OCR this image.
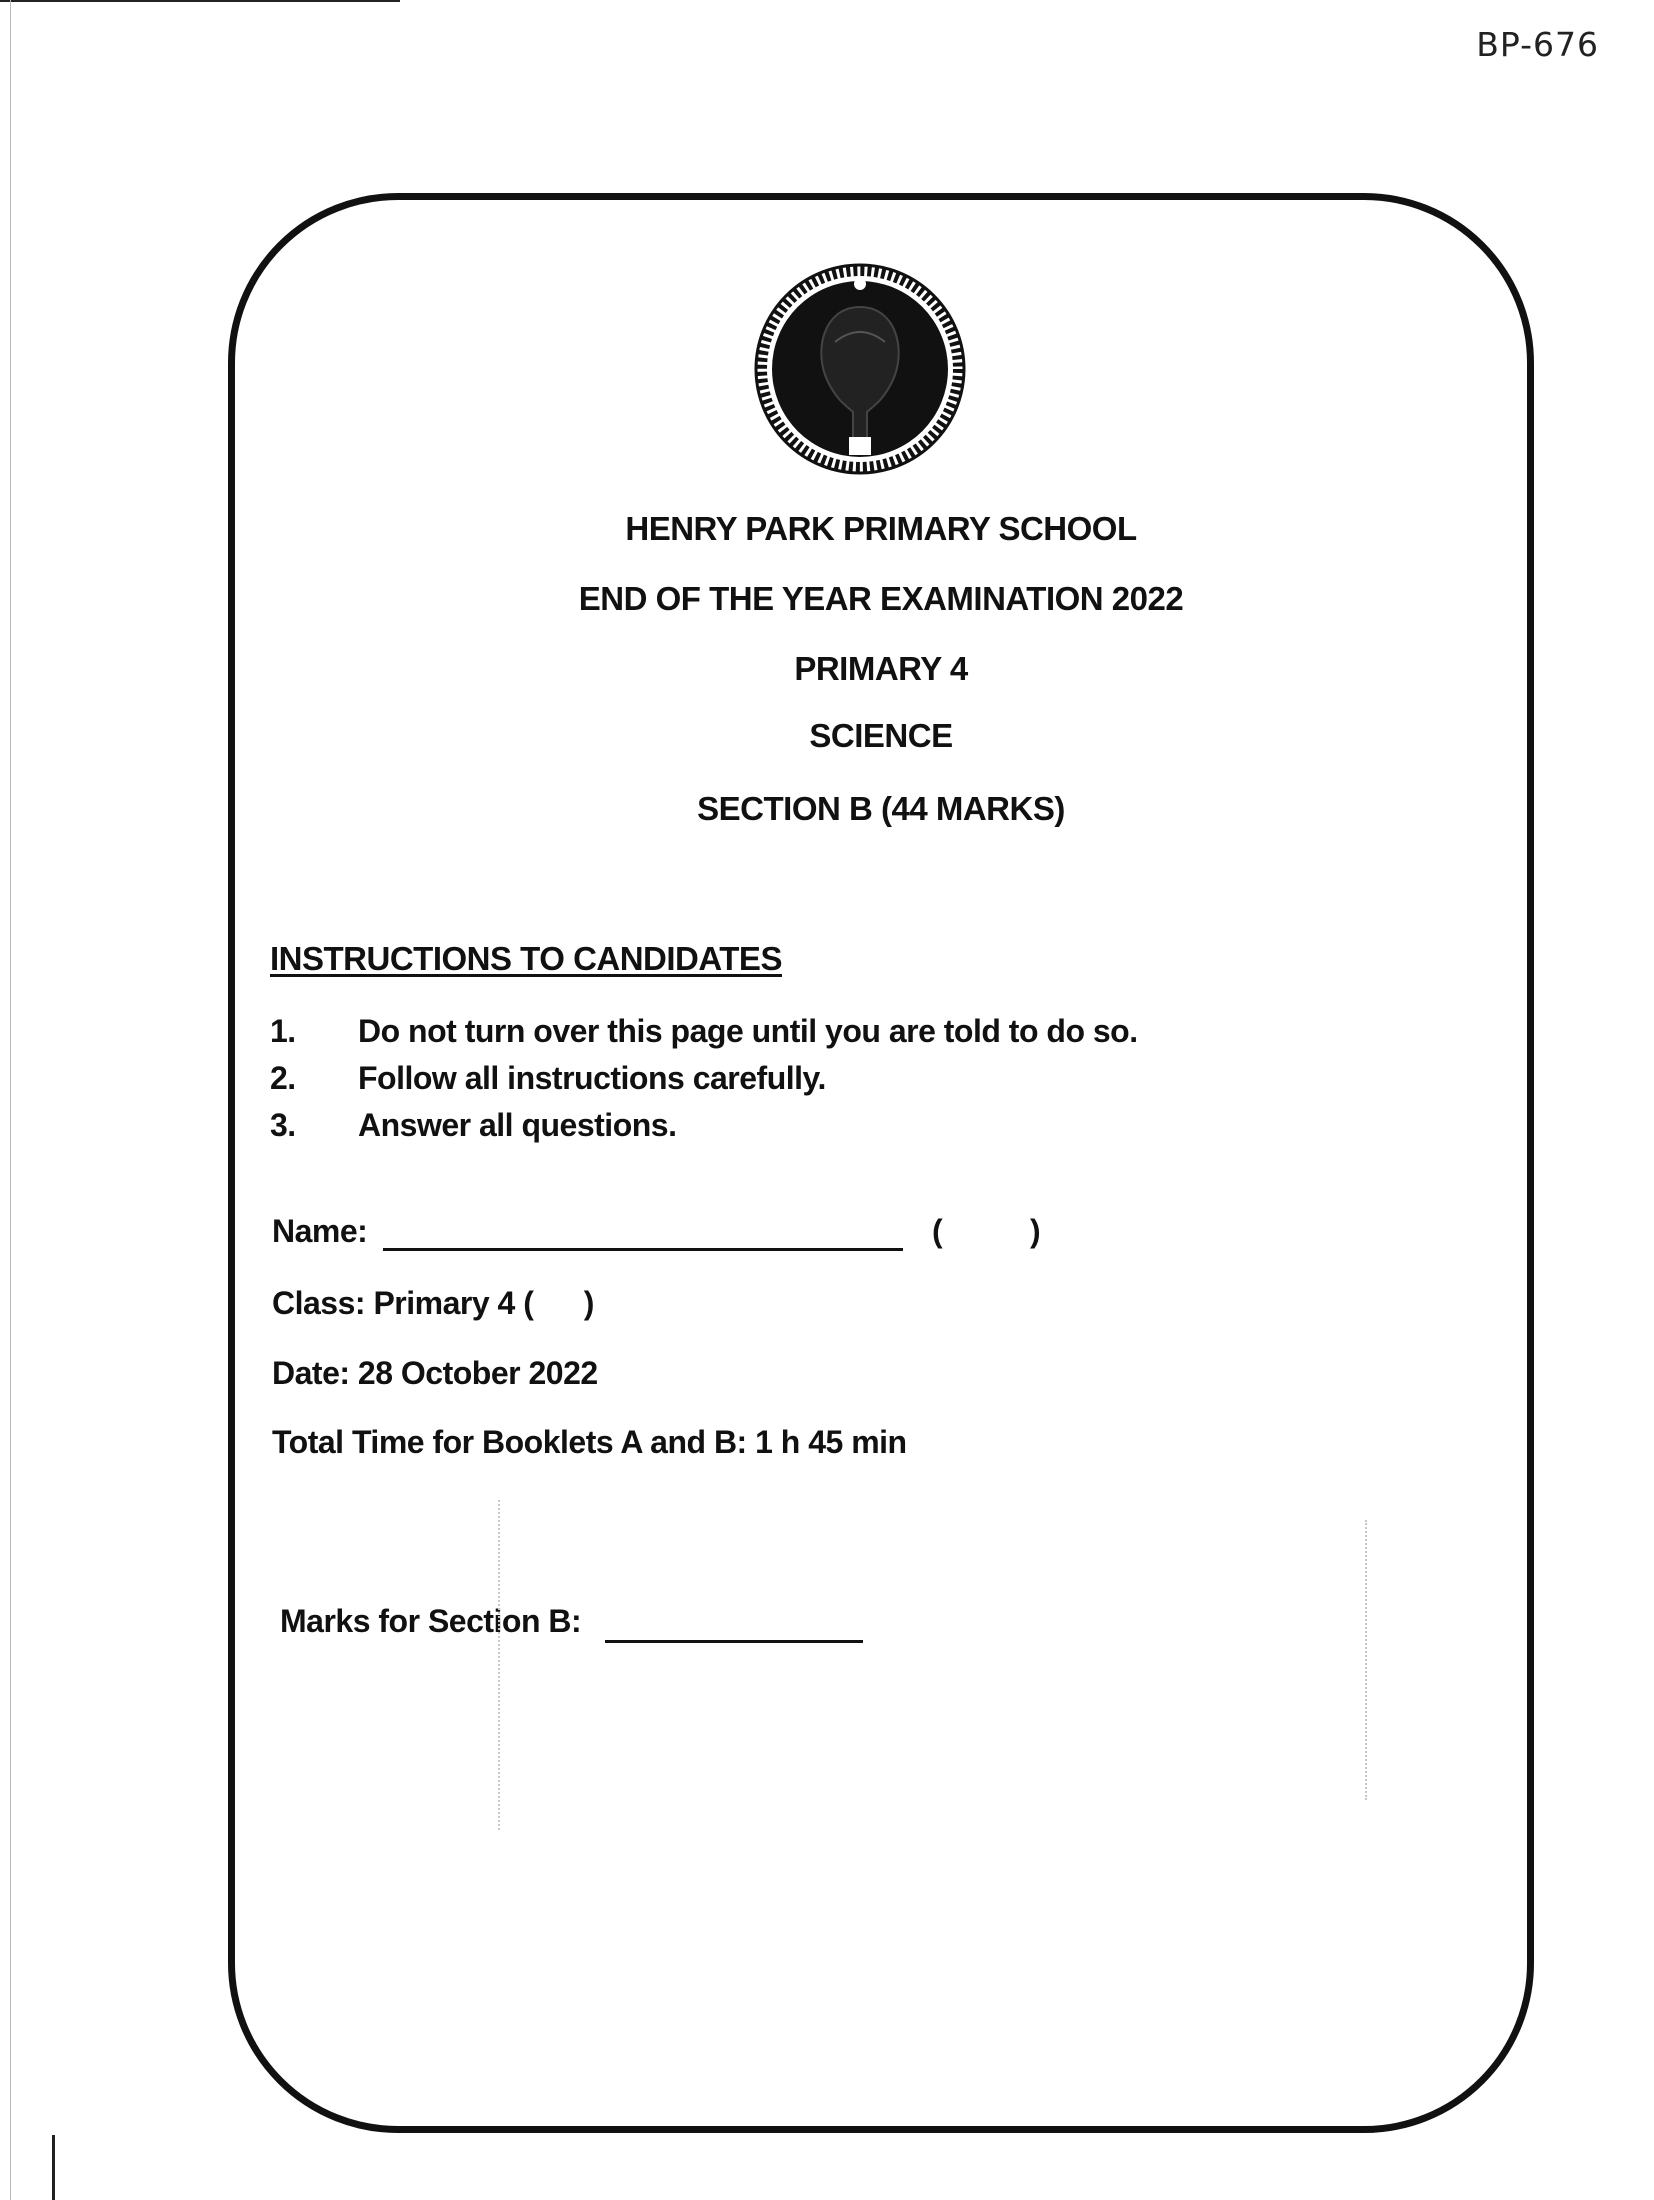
BP-676
HENRY PARK PRIMARY SCHOOL
END OF THE YEAR EXAMINATION 2022
PRIMARY 4
SCIENCE
SECTION B (44 MARKS)
INSTRUCTIONS TO CANDIDATES
1.	Do not turn over this page until you are told to do so.
2.	Follow all instructions carefully.
3.	Answer all questions.
Name:	(	)
Class: Primary 4 (      )
Date: 28 October 2022
Total Time for Booklets A and B: 1 h 45 min
Marks for Section B:
